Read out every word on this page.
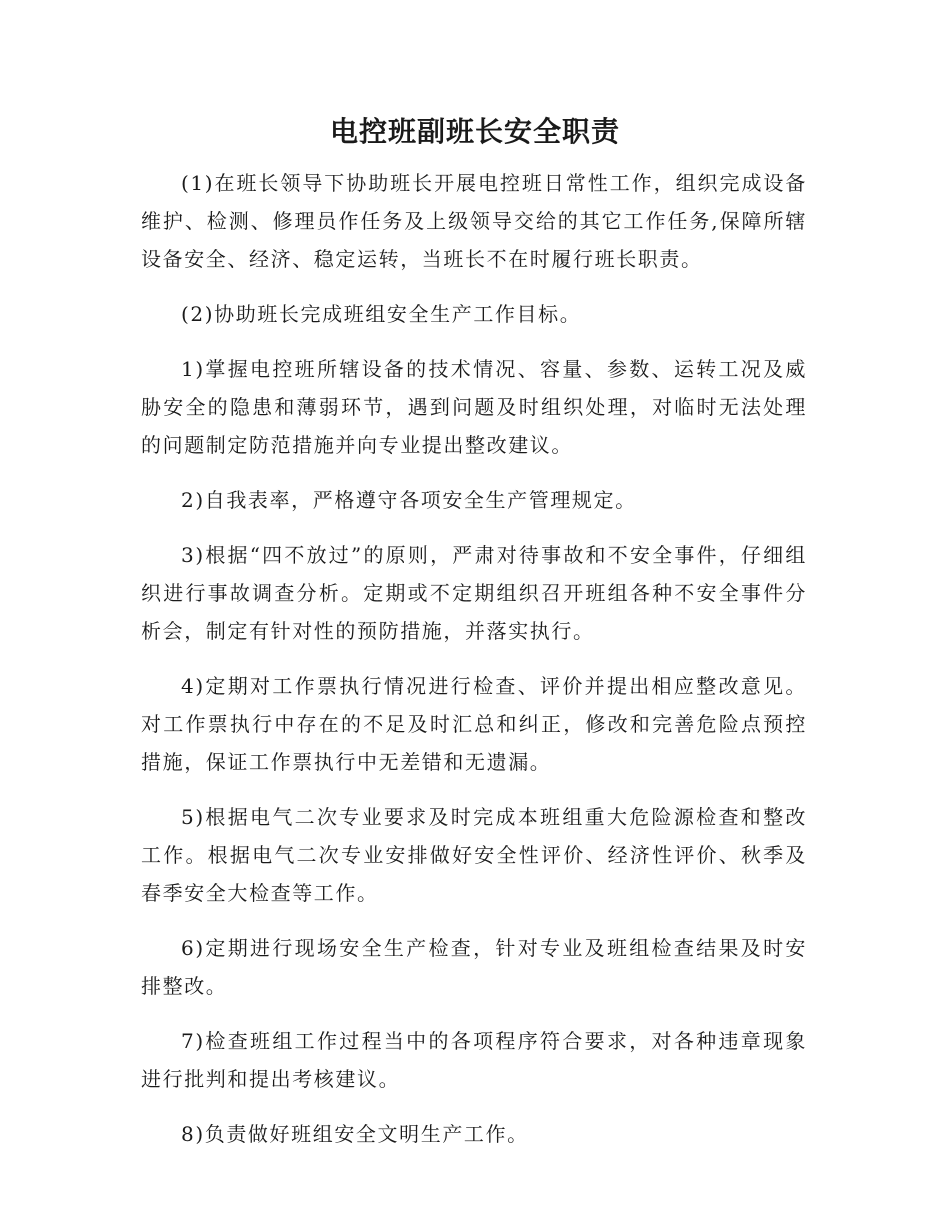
电控班副班长安全职责

(1)在班长领导下协助班长开展电控班日常性工作，组织完成设备维护、检测、修理员作任务及上级领导交给的其它工作任务,保障所辖设备安全、经济、稳定运转，当班长不在时履行班长职责。

(2)协助班长完成班组安全生产工作目标。

1)掌握电控班所辖设备的技术情况、容量、参数、运转工况及威胁安全的隐患和薄弱环节，遇到问题及时组织处理，对临时无法处理的问题制定防范措施并向专业提出整改建议。

2)自我表率，严格遵守各项安全生产管理规定。

3)根据“四不放过”的原则，严肃对待事故和不安全事件，仔细组织进行事故调查分析。定期或不定期组织召开班组各种不安全事件分析会，制定有针对性的预防措施，并落实执行。

4)定期对工作票执行情况进行检查、评价并提出相应整改意见。对工作票执行中存在的不足及时汇总和纠正，修改和完善危险点预控措施，保证工作票执行中无差错和无遗漏。

5)根据电气二次专业要求及时完成本班组重大危险源检查和整改工作。根据电气二次专业安排做好安全性评价、经济性评价、秋季及春季安全大检查等工作。

6)定期进行现场安全生产检查，针对专业及班组检查结果及时安排整改。

7)检查班组工作过程当中的各项程序符合要求，对各种违章现象进行批判和提出考核建议。

8)负责做好班组安全文明生产工作。
